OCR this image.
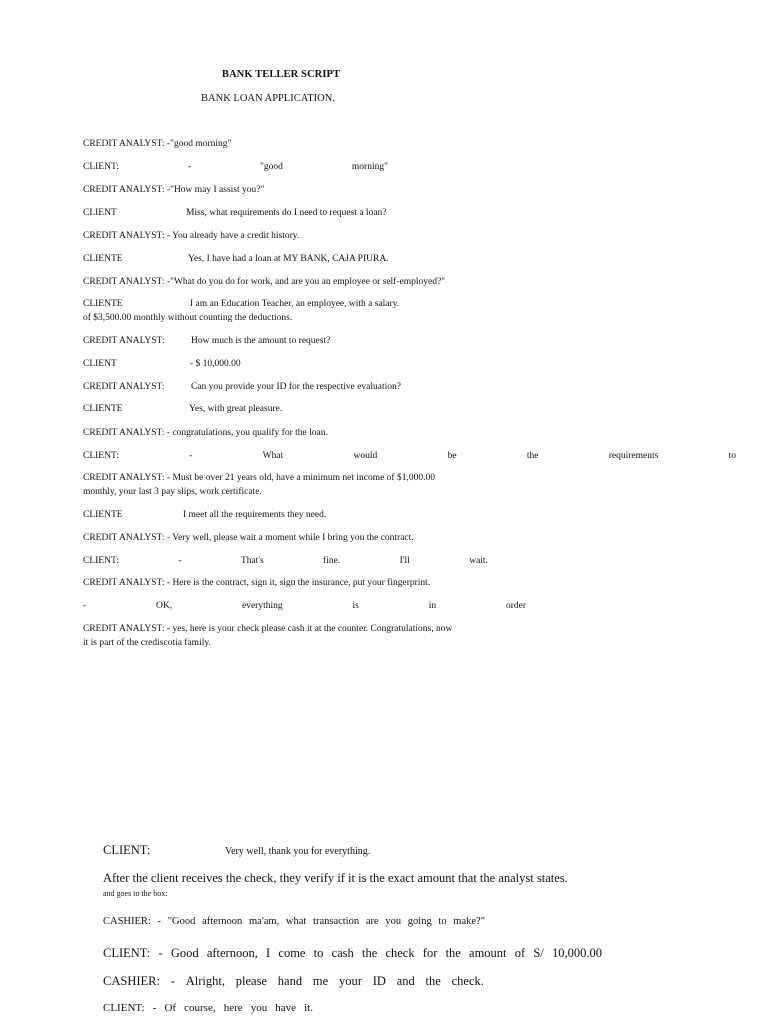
BANK TELLER SCRIPT
BANK LOAN APPLICATION.
CREDIT ANALYST: -"good morning"
CLIENT:	-	"good	morning"
CREDIT ANALYST: -"How may I assist you?"
CLIENT	Miss, what requirements do I need to request a loan?
CREDIT ANALYST: - You already have a credit history.
CLIENTE	Yes, I have had a loan at MY BANK, CAJA PIURA.
CREDIT ANALYST: -"What do you do for work, and are you an employee or self-employed?"
CLIENTE	I am an Education Teacher, an employee, with a salary.
of $3,500.00 monthly without counting the deductions.
CREDIT ANALYST:	How much is the amount to request?
CLIENT	- $ 10,000.00
CREDIT ANALYST:	Can you provide your ID for the respective evaluation?
CLIENTE	Yes, with great pleasure.
CREDIT ANALYST: - congratulations, you qualify for the loan.
CLIENT:	-	What	would	be	the	requirements	to
CREDIT ANALYST: - Must be over 21 years old, have a minimum net income of $1,000.00
monthly, your last 3 pay slips, work certificate.
CLIENTE	I meet all the requirements they need.
CREDIT ANALYST: - Very well, please wait a moment while I bring you the contract.
CLIENT:	-	That's	fine.	I'll	wait.
CREDIT ANALYST: - Here is the contract, sign it, sign the insurance, put your fingerprint.
-	OK,	everything	is	in	order
CREDIT ANALYST: - yes, here is your check please cash it at the counter. Congratulations, now
it is part of the crediscotia family.
CLIENT:	Very well, thank you for everything.
After the client receives the check, they verify if it is the exact amount that the analyst states.
and goes to the box:
CASHIER: - "Good afternoon ma'am, what transaction are you going to make?"
CLIENT: - Good afternoon, I come to cash the check for the amount of S/ 10,000.00
CASHIER: - Alright, please hand me your ID and the check.
CLIENT: - Of course, here you have it.
